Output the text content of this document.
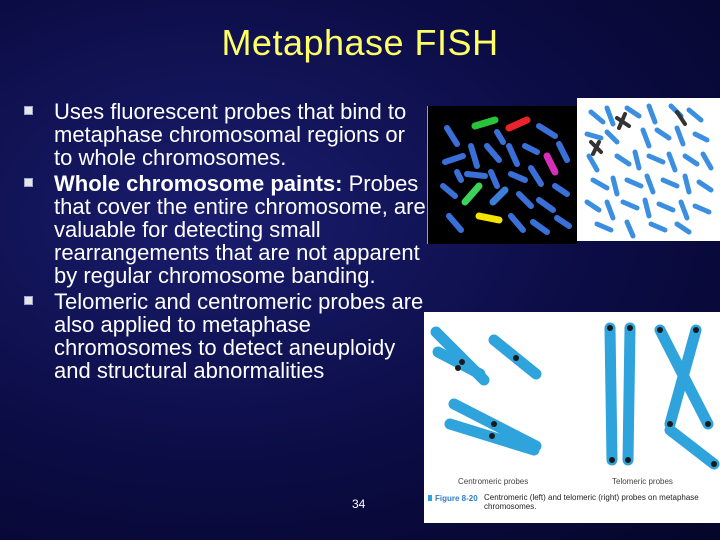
Metaphase FISH
Uses fluorescent probes that bind to metaphase chromosomal regions or to whole chromosomes.
Whole chromosome paints: Probes that cover the entire chromosome, are valuable for detecting small rearrangements that are not apparent by regular chromosome banding.
Telomeric and centromeric probes are also applied to metaphase chromosomes to detect aneuploidy and structural abnormalities
34
Centromeric probes	Telomeric probes
Figure 8-20 Centromeric (left) and telomeric (right) probes on metaphase chromosomes.
